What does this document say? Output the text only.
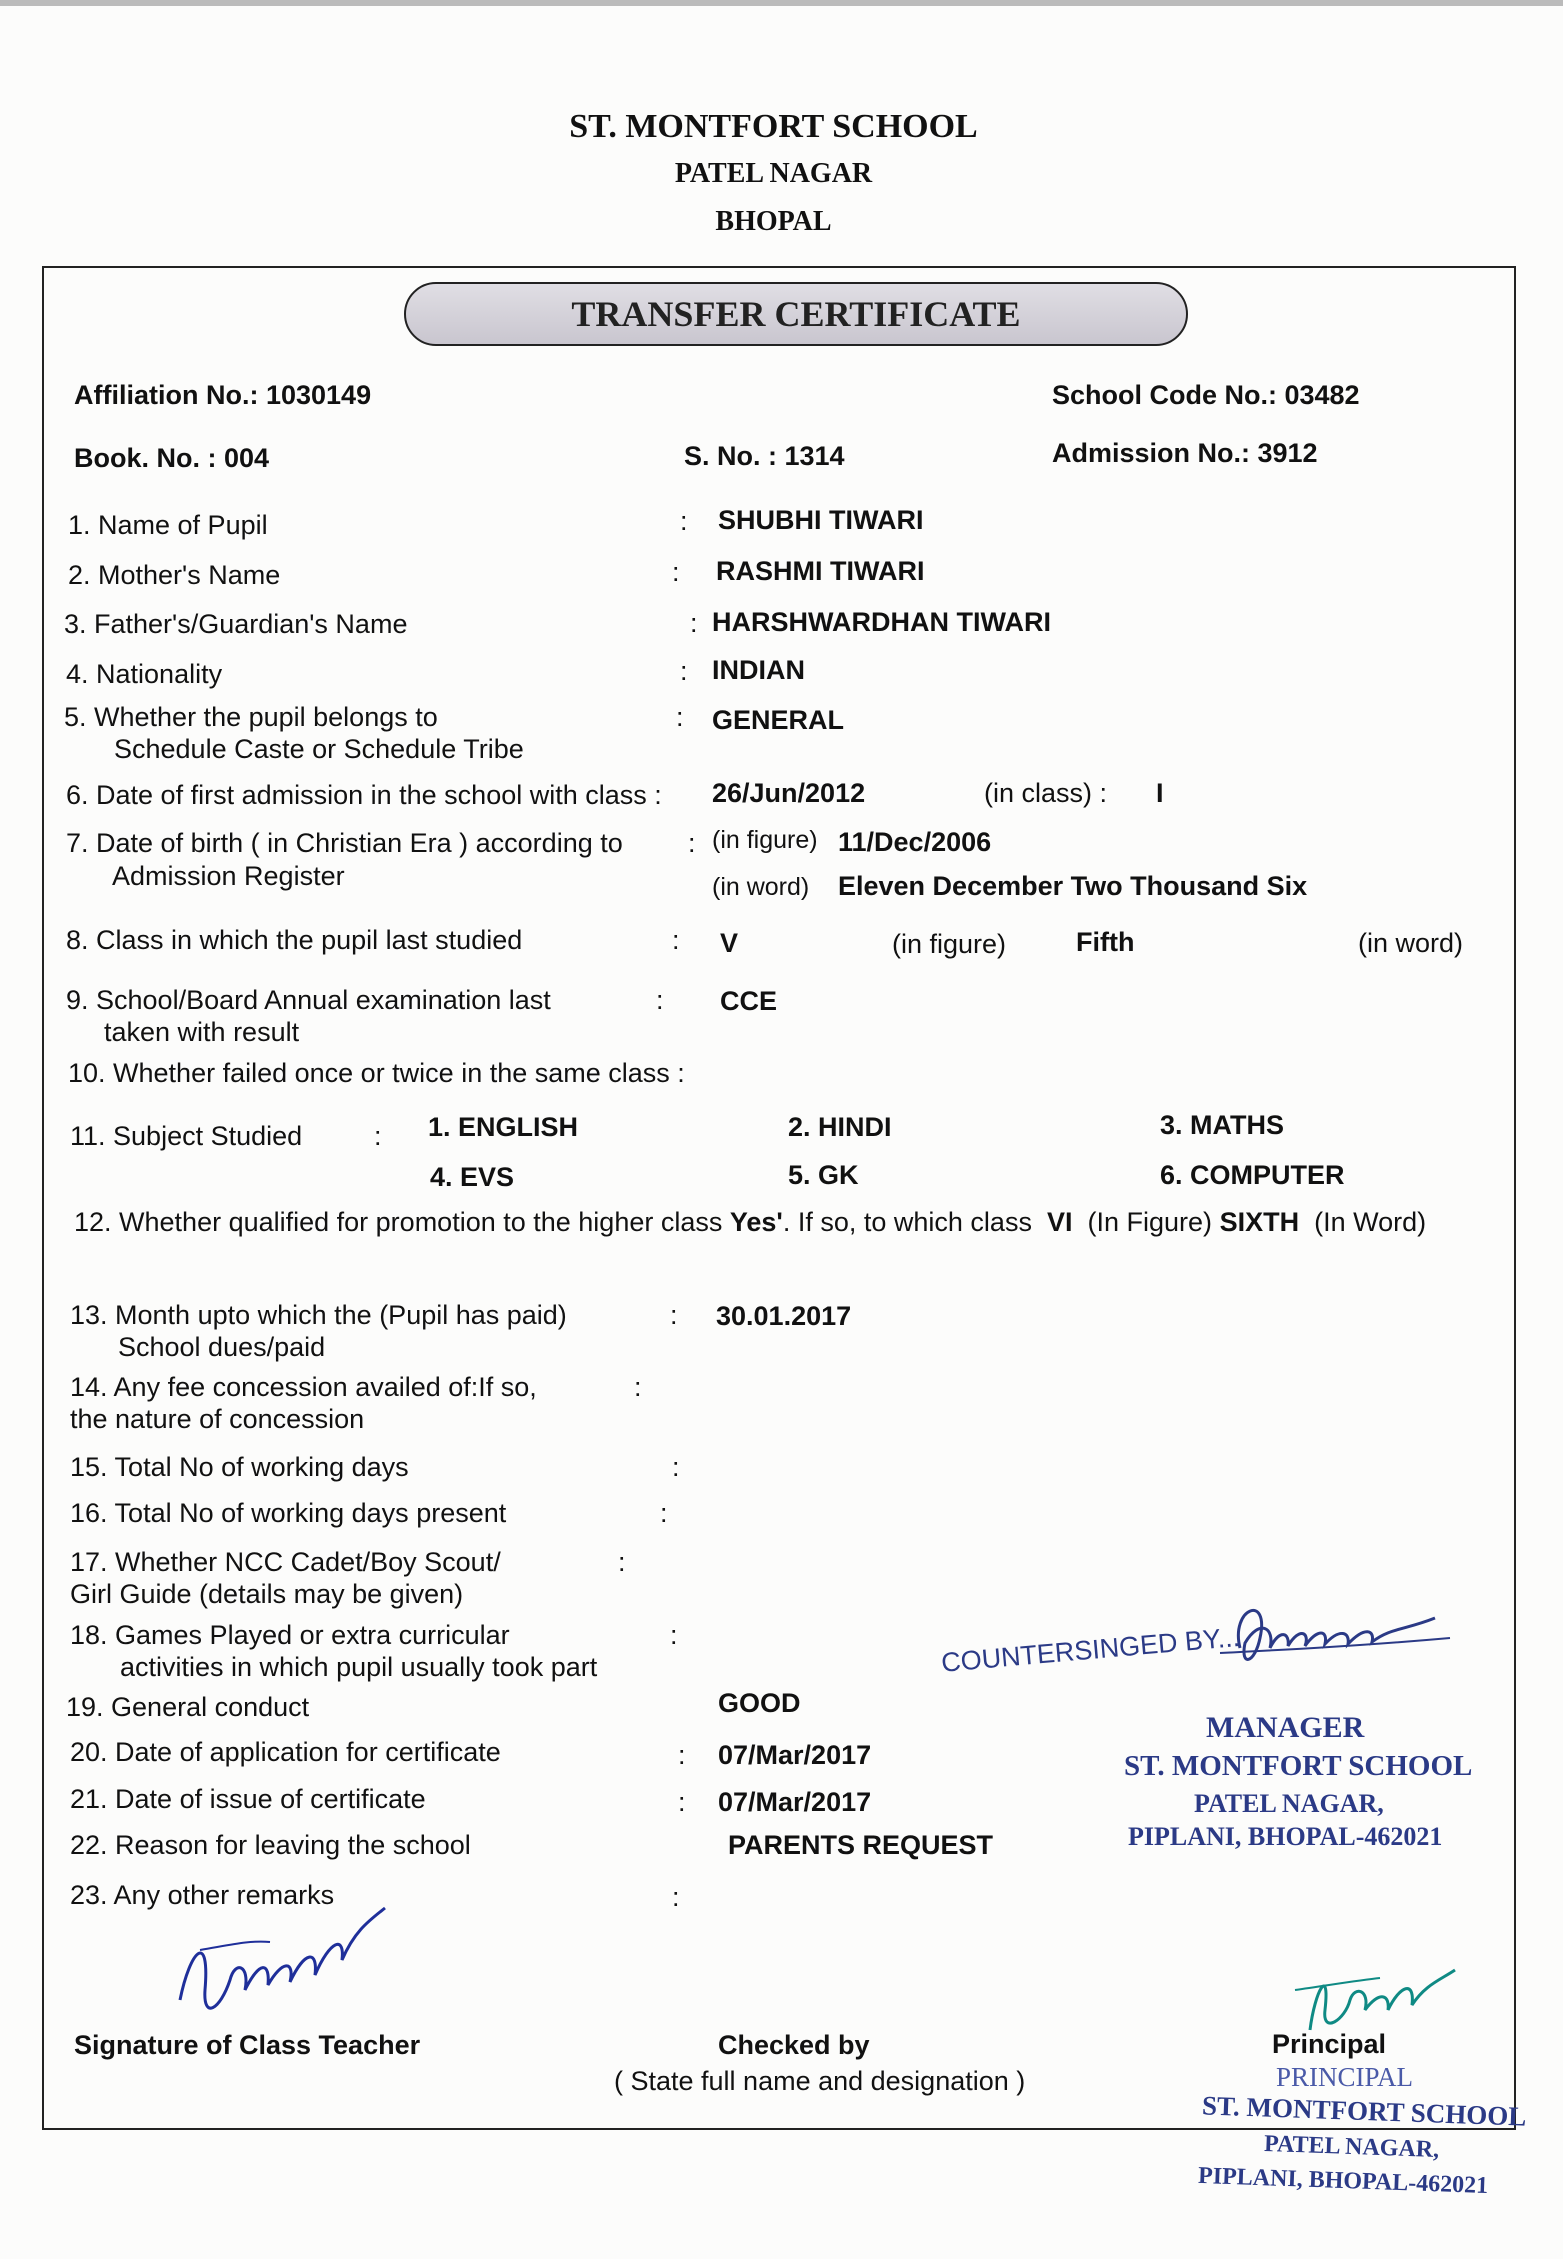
ST. MONTFORT SCHOOL
PATEL NAGAR
BHOPAL
TRANSFER CERTIFICATE
Affiliation No.: 1030149	School Code No.: 03482
Book. No. : 004	S. No. : 1314	Admission No.: 3912
1. Name of Pupil	: SHUBHI TIWARI
2. Mother's Name	: RASHMI TIWARI
3. Father's/Guardian's Name	: HARSHWARDHAN TIWARI
4. Nationality	: INDIAN
5. Whether the pupil belongs to
Schedule Caste or Schedule Tribe
: GENERAL
6. Date of first admission in the school with class : 26/Jun/2012	(in class) : I
7. Date of birth ( in Christian Era ) according to
Admission Register
: (in figure) 11/Dec/2006
(in word) Eleven December Two Thousand Six
8. Class in which the pupil last studied	: V	(in figure)	Fifth	(in word)
9. School/Board Annual examination last
taken with result
: CCE
10. Whether failed once or twice in the same class :
11. Subject Studied	: 1. ENGLISH	2. HINDI	3. MATHS
4. EVS	5. GK	6. COMPUTER
12. Whether qualified for promotion to the higher class Yes'. If so, to which class VI (In Figure) SIXTH (In Word)
13. Month upto which the (Pupil has paid)
School dues/paid
: 30.01.2017
14. Any fee concession availed of:If so,
the nature of concession
:
15. Total No of working days	:
16. Total No of working days present	:
17. Whether NCC Cadet/Boy Scout/
Girl Guide (details may be given)
:
18. Games Played or extra curricular
activities in which pupil usually took part
:
19. General conduct	GOOD
20. Date of application for certificate	: 07/Mar/2017
21. Date of issue of certificate	: 07/Mar/2017
22. Reason for leaving the school	PARENTS REQUEST
23. Any other remarks	:
COUNTERSINGED BY...
MANAGER
ST. MONTFORT SCHOOL
PATEL NAGAR,
PIPLANI, BHOPAL-462021
Signature of Class Teacher	Checked by
( State full name and designation )
Principal
PRINCIPAL
ST. MONTFORT SCHOOL
PATEL NAGAR,
PIPLANI, BHOPAL-462021
